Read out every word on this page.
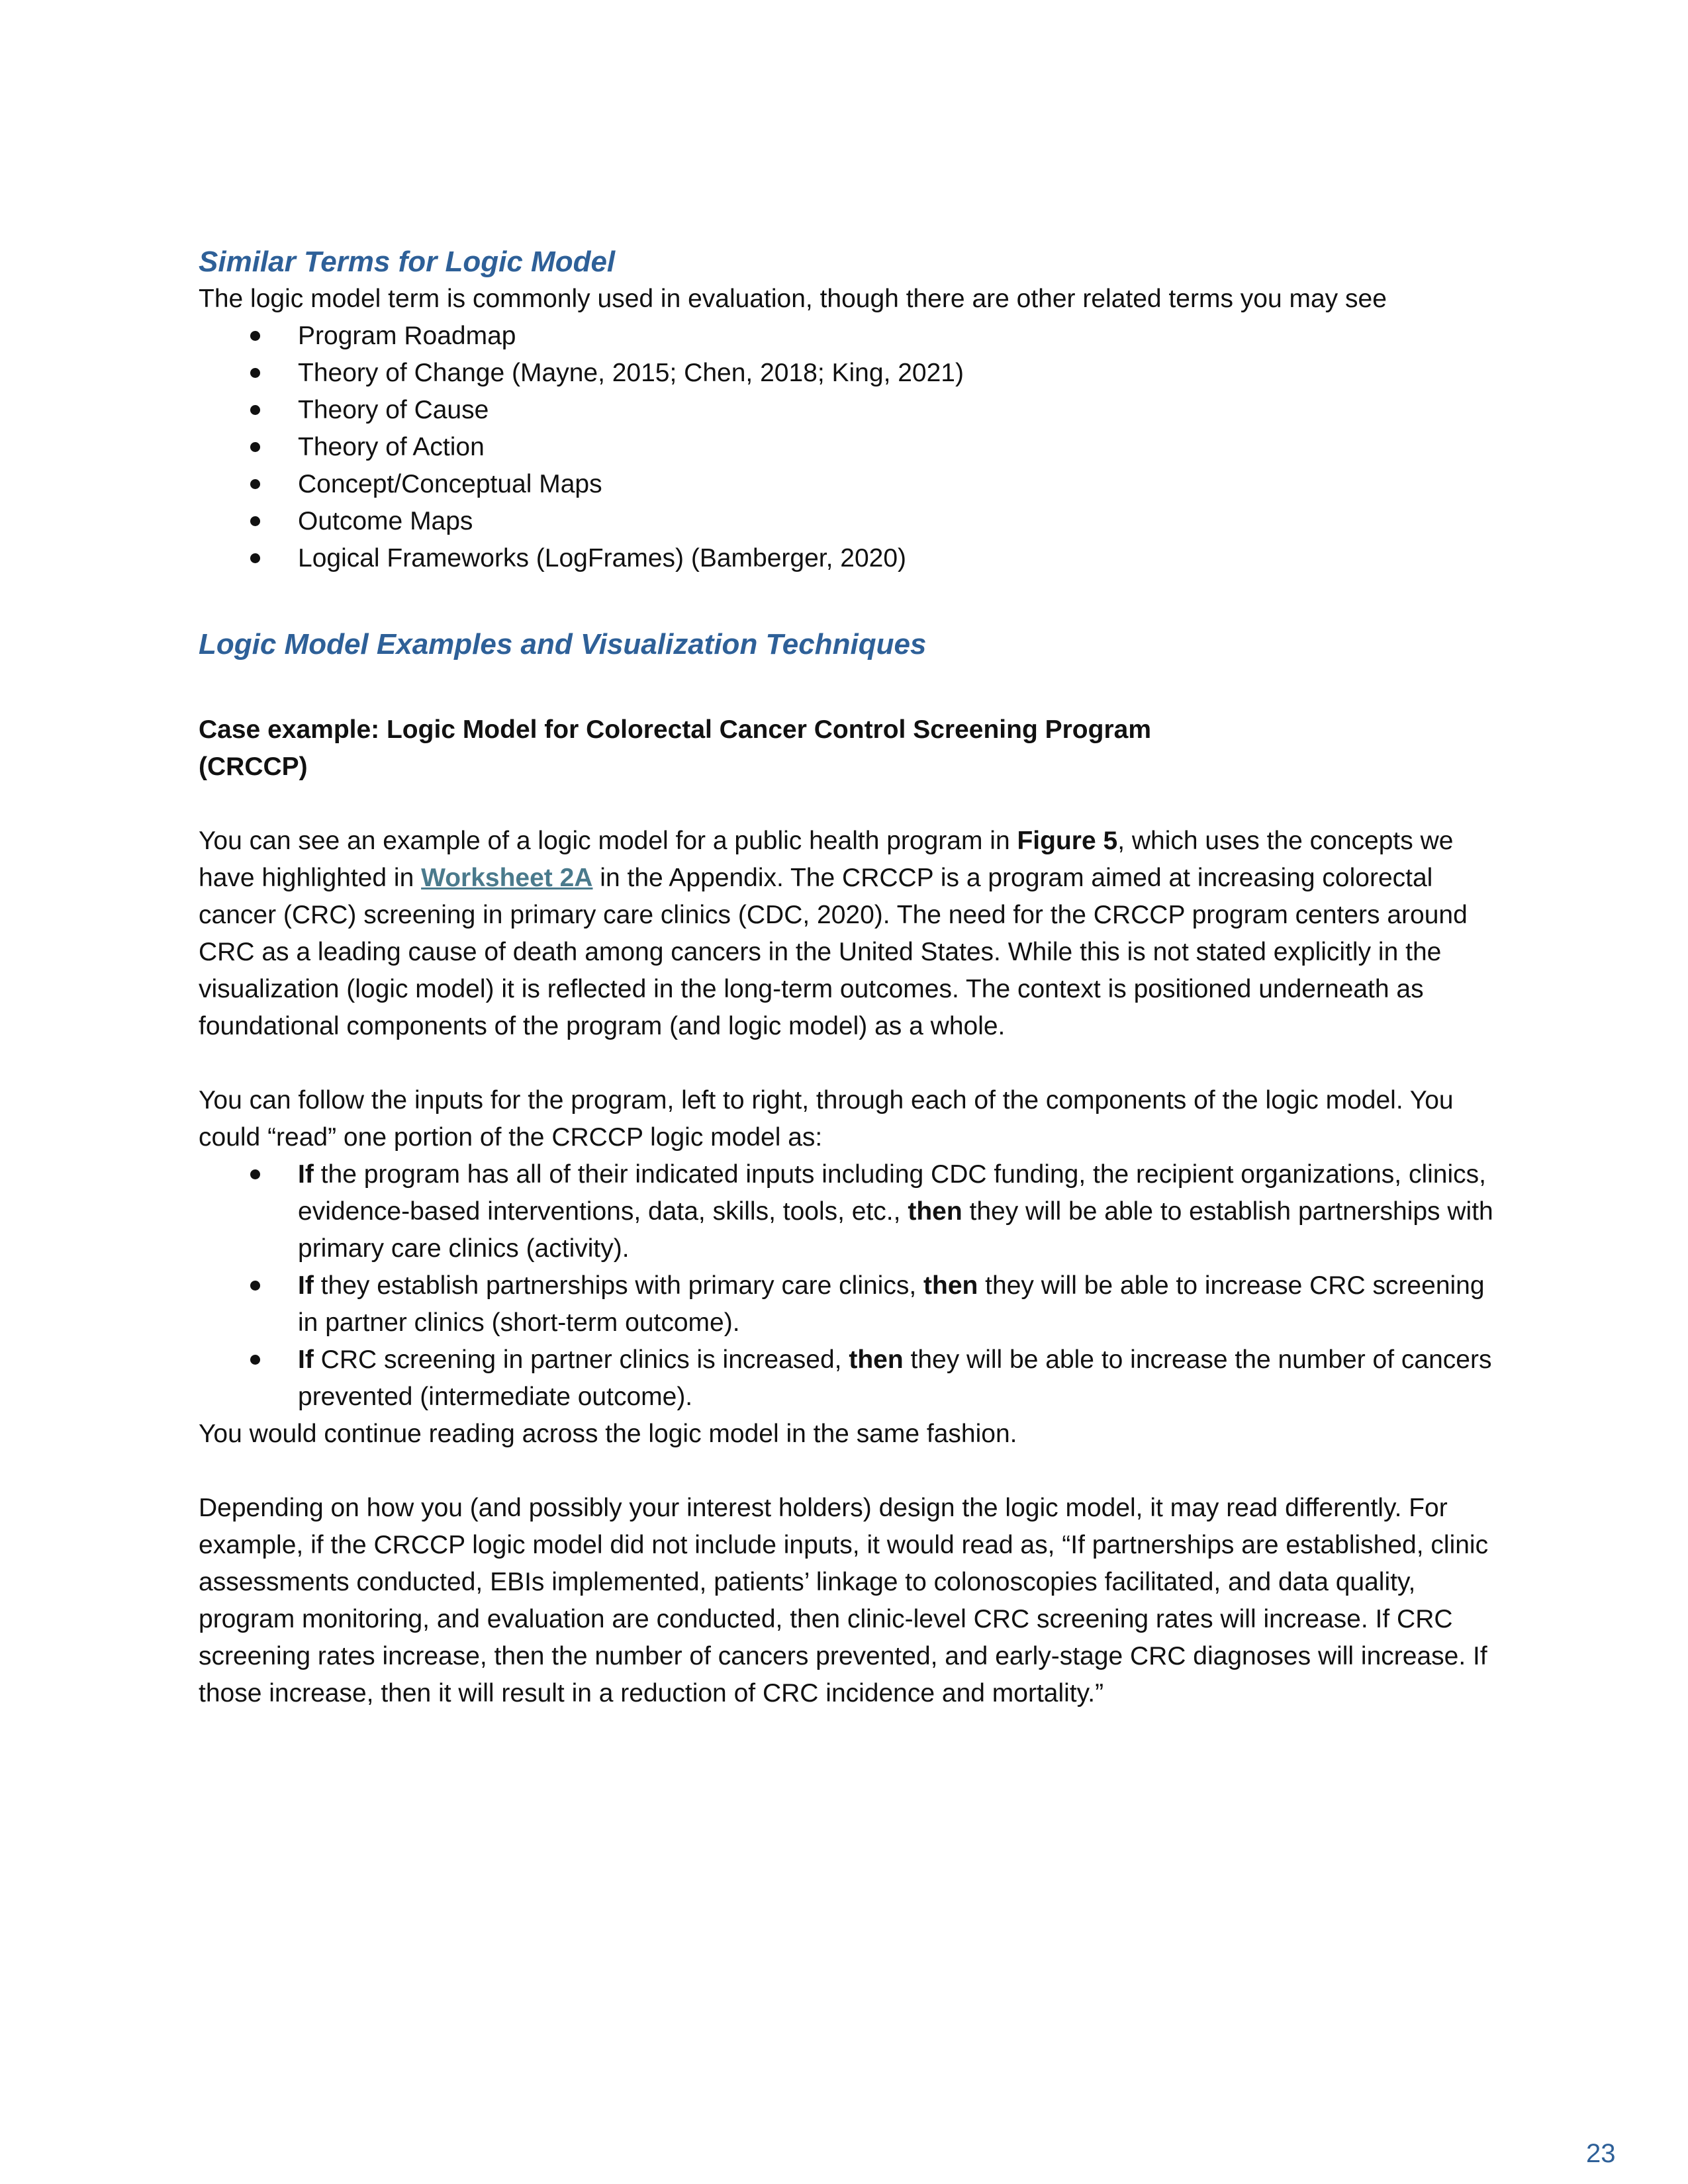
Similar Terms for Logic Model

The logic model term is commonly used in evaluation, though there are other related terms you may see

Program Roadmap
Theory of Change (Mayne, 2015; Chen, 2018; King, 2021)
Theory of Cause
Theory of Action
Concept/Conceptual Maps
Outcome Maps
Logical Frameworks (LogFrames) (Bamberger, 2020)
Logic Model Examples and Visualization Techniques

Case example: Logic Model for Colorectal Cancer Control Screening Program
(CRCCP)

You can see an example of a logic model for a public health program in Figure 5, which uses the concepts we have highlighted in Worksheet 2A in the Appendix. The CRCCP is a program aimed at increasing colorectal cancer (CRC) screening in primary care clinics (CDC, 2020). The need for the CRCCP program centers around CRC as a leading cause of death among cancers in the United States. While this is not stated explicitly in the visualization (logic model) it is reflected in the long-term outcomes. The context is positioned underneath as foundational components of the program (and logic model) as a whole.

You can follow the inputs for the program, left to right, through each of the components of the logic model. You could “read” one portion of the CRCCP logic model as:

If the program has all of their indicated inputs including CDC funding, the recipient organizations, clinics, evidence-based interventions, data, skills, tools, etc., then they will be able to establish partnerships with primary care clinics (activity).
If they establish partnerships with primary care clinics, then they will be able to increase CRC screening in partner clinics (short-term outcome).
If CRC screening in partner clinics is increased, then they will be able to increase the number of cancers prevented (intermediate outcome).

You would continue reading across the logic model in the same fashion.

Depending on how you (and possibly your interest holders) design the logic model, it may read differently. For example, if the CRCCP logic model did not include inputs, it would read as, “If partnerships are established, clinic assessments conducted, EBIs implemented, patients’ linkage to colonoscopies facilitated, and data quality, program monitoring, and evaluation are conducted, then clinic-level CRC screening rates will increase. If CRC screening rates increase, then the number of cancers prevented, and early-stage CRC diagnoses will increase. If those increase, then it will result in a reduction of CRC incidence and mortality.”

23
